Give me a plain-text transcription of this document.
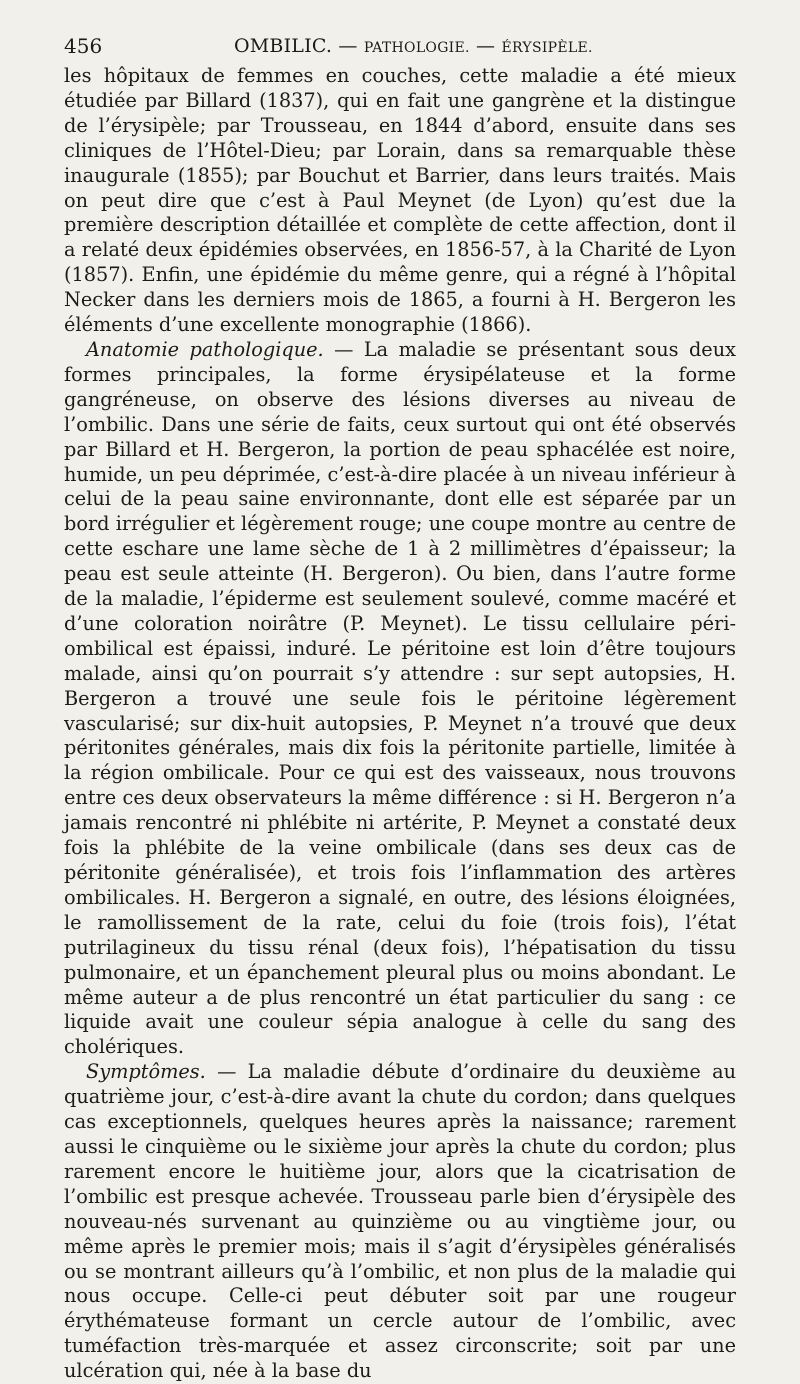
456	OMBILIC. — PATHOLOGIE. — ÉRYSIPÈLE.

les hôpitaux de femmes en couches, cette maladie a été mieux étudiée par Billard (1837), qui en fait une gangrène et la distingue de l’érysipèle; par Trousseau, en 1844 d’abord, ensuite dans ses cliniques de l’Hôtel-Dieu; par Lorain, dans sa remarquable thèse inaugurale (1855); par Bouchut et Barrier, dans leurs traités. Mais on peut dire que c’est à Paul Meynet (de Lyon) qu’est due la première description détaillée et complète de cette affection, dont il a relaté deux épidémies observées, en 1856-57, à la Charité de Lyon (1857). Enfin, une épidémie du même genre, qui a régné à l’hôpital Necker dans les derniers mois de 1865, a fourni à H. Bergeron les éléments d’une excellente monographie (1866).

Anatomie pathologique. — La maladie se présentant sous deux formes principales, la forme érysipélateuse et la forme gangréneuse, on observe des lésions diverses au niveau de l’ombilic. Dans une série de faits, ceux surtout qui ont été observés par Billard et H. Bergeron, la portion de peau sphacélée est noire, humide, un peu déprimée, c’est-à-dire placée à un niveau inférieur à celui de la peau saine environnante, dont elle est séparée par un bord irrégulier et légèrement rouge; une coupe montre au centre de cette eschare une lame sèche de 1 à 2 millimètres d’épaisseur; la peau est seule atteinte (H. Bergeron). Ou bien, dans l’autre forme de la maladie, l’épiderme est seulement soulevé, comme macéré et d’une coloration noirâtre (P. Meynet). Le tissu cellulaire péri-ombilical est épaissi, induré. Le péritoine est loin d’être toujours malade, ainsi qu’on pourrait s’y attendre : sur sept autopsies, H. Bergeron a trouvé une seule fois le péritoine légèrement vascularisé; sur dix-huit autopsies, P. Meynet n’a trouvé que deux péritonites générales, mais dix fois la péritonite partielle, limitée à la région ombilicale. Pour ce qui est des vaisseaux, nous trouvons entre ces deux observateurs la même différence : si H. Bergeron n’a jamais rencontré ni phlébite ni artérite, P. Meynet a constaté deux fois la phlébite de la veine ombilicale (dans ses deux cas de péritonite généralisée), et trois fois l’inflammation des artères ombilicales. H. Bergeron a signalé, en outre, des lésions éloignées, le ramollissement de la rate, celui du foie (trois fois), l’état putrilagineux du tissu rénal (deux fois), l’hépatisation du tissu pulmonaire, et un épanchement pleural plus ou moins abondant. Le même auteur a de plus rencontré un état particulier du sang : ce liquide avait une couleur sépia analogue à celle du sang des cholériques.

Symptômes. — La maladie débute d’ordinaire du deuxième au quatrième jour, c’est-à-dire avant la chute du cordon; dans quelques cas exceptionnels, quelques heures après la naissance; rarement aussi le cinquième ou le sixième jour après la chute du cordon; plus rarement encore le huitième jour, alors que la cicatrisation de l’ombilic est presque achevée. Trousseau parle bien d’érysipèle des nouveau-nés survenant au quinzième ou au vingtième jour, ou même après le premier mois; mais il s’agit d’érysipèles généralisés ou se montrant ailleurs qu’à l’ombilic, et non plus de la maladie qui nous occupe. Celle-ci peut débuter soit par une rougeur érythémateuse formant un cercle autour de l’ombilic, avec tuméfaction très-marquée et assez circonscrite; soit par une ulcération qui, née à la base du
